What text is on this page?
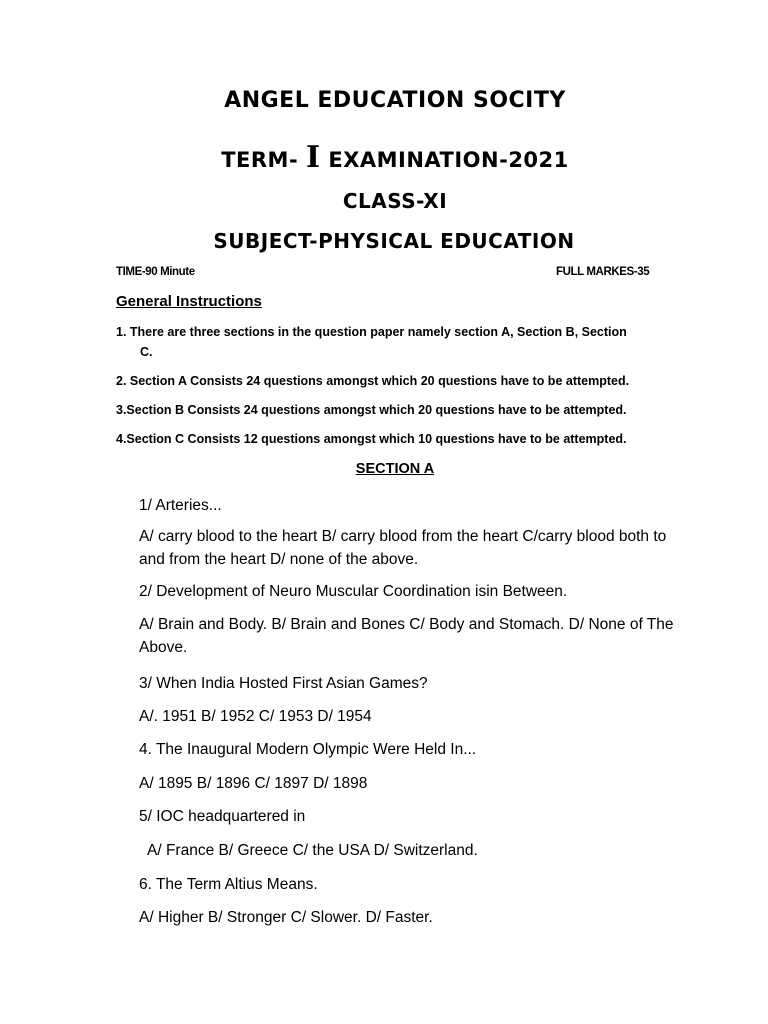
ANGEL EDUCATION SOCITY
TERM- I EXAMINATION-2021
CLASS-XI
SUBJECT-PHYSICAL EDUCATION
TIME-90 Minute	FULL MARKES-35
General Instructions
1. There are three sections in the question paper namely section A, Section B, Section
C.
2. Section A Consists 24 questions amongst which 20 questions have to be attempted.
3.Section B Consists 24 questions amongst which 20 questions have to be attempted.
4.Section C Consists 12 questions amongst which 10 questions have to be attempted.
SECTION A
1/ Arteries...
A/ carry blood to the heart B/ carry blood from the heart C/carry blood both to and from the heart D/ none of the above.
2/ Development of Neuro Muscular Coordination isin Between.
A/ Brain and Body. B/ Brain and Bones C/ Body and Stomach. D/ None of The Above.
3/ When India Hosted First Asian Games?
A/. 1951 B/ 1952 C/ 1953 D/ 1954
4. The Inaugural Modern Olympic Were Held In...
A/ 1895 B/ 1896 C/ 1897 D/ 1898
5/ IOC headquartered in
A/ France B/ Greece C/ the USA D/ Switzerland.
6. The Term Altius Means.
A/ Higher B/ Stronger C/ Slower. D/ Faster.
